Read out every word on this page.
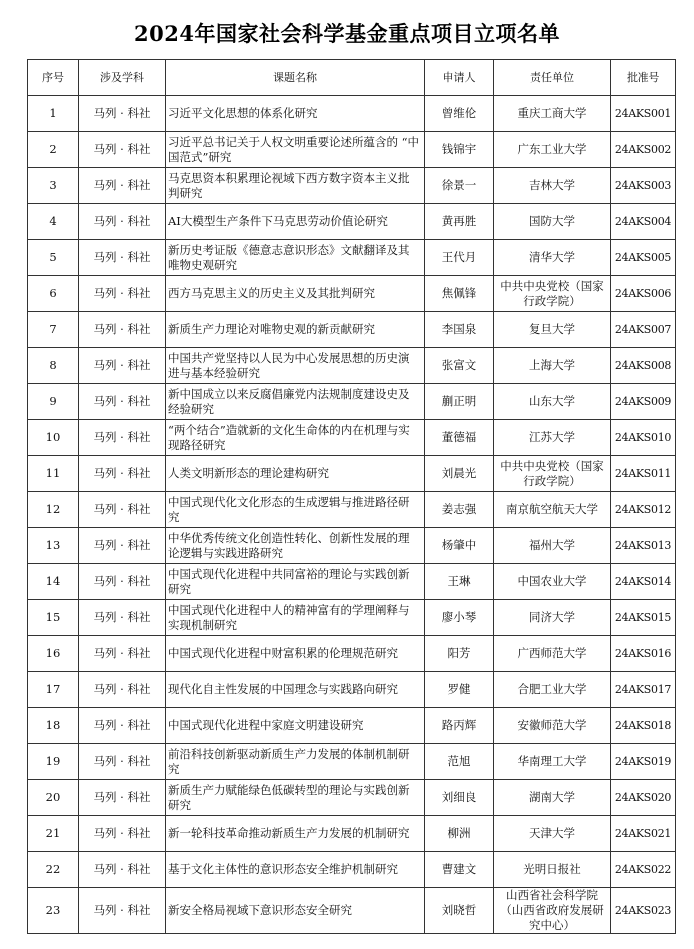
2024年国家社会科学基金重点项目立项名单
序号	涉及学科	课题名称	申请人	责任单位	批准号
1	马列 · 科社	习近平文化思想的体系化研究	曾维伦	重庆工商大学	24AKS001
2	马列 · 科社	习近平总书记关于人权文明重要论述所蕴含的 “中国范式”研究	钱锦宇	广东工业大学	24AKS002
3	马列 · 科社	马克思资本积累理论视域下西方数字资本主义批判研究	徐景一	吉林大学	24AKS003
4	马列 · 科社	AI大模型生产条件下马克思劳动价值论研究	黄再胜	国防大学	24AKS004
5	马列 · 科社	新历史考证版《德意志意识形态》文献翻译及其唯物史观研究	王代月	清华大学	24AKS005
6	马列 · 科社	西方马克思主义的历史主义及其批判研究	焦佩锋	中共中央党校（国家行政学院）	24AKS006
7	马列 · 科社	新质生产力理论对唯物史观的新贡献研究	李国泉	复旦大学	24AKS007
8	马列 · 科社	中国共产党坚持以人民为中心发展思想的历史演进与基本经验研究	张富文	上海大学	24AKS008
9	马列 · 科社	新中国成立以来反腐倡廉党内法规制度建设史及经验研究	蒯正明	山东大学	24AKS009
10	马列 · 科社	“两个结合”造就新的文化生命体的内在机理与实现路径研究	董德福	江苏大学	24AKS010
11	马列 · 科社	人类文明新形态的理论建构研究	刘晨光	中共中央党校（国家行政学院）	24AKS011
12	马列 · 科社	中国式现代化文化形态的生成逻辑与推进路径研究	姜志强	南京航空航天大学	24AKS012
13	马列 · 科社	中华优秀传统文化创造性转化、创新性发展的理论逻辑与实践进路研究	杨肇中	福州大学	24AKS013
14	马列 · 科社	中国式现代化进程中共同富裕的理论与实践创新研究	王琳	中国农业大学	24AKS014
15	马列 · 科社	中国式现代化进程中人的精神富有的学理阐释与实现机制研究	廖小琴	同济大学	24AKS015
16	马列 · 科社	中国式现代化进程中财富积累的伦理规范研究	阳芳	广西师范大学	24AKS016
17	马列 · 科社	现代化自主性发展的中国理念与实践路向研究	罗健	合肥工业大学	24AKS017
18	马列 · 科社	中国式现代化进程中家庭文明建设研究	路丙辉	安徽师范大学	24AKS018
19	马列 · 科社	前沿科技创新驱动新质生产力发展的体制机制研究	范旭	华南理工大学	24AKS019
20	马列 · 科社	新质生产力赋能绿色低碳转型的理论与实践创新研究	刘细良	湖南大学	24AKS020
21	马列 · 科社	新一轮科技革命推动新质生产力发展的机制研究	柳洲	天津大学	24AKS021
22	马列 · 科社	基于文化主体性的意识形态安全维护机制研究	曹建文	光明日报社	24AKS022
23	马列 · 科社	新安全格局视域下意识形态安全研究	刘晓哲	山西省社会科学院（山西省政府发展研究中心）	24AKS023
